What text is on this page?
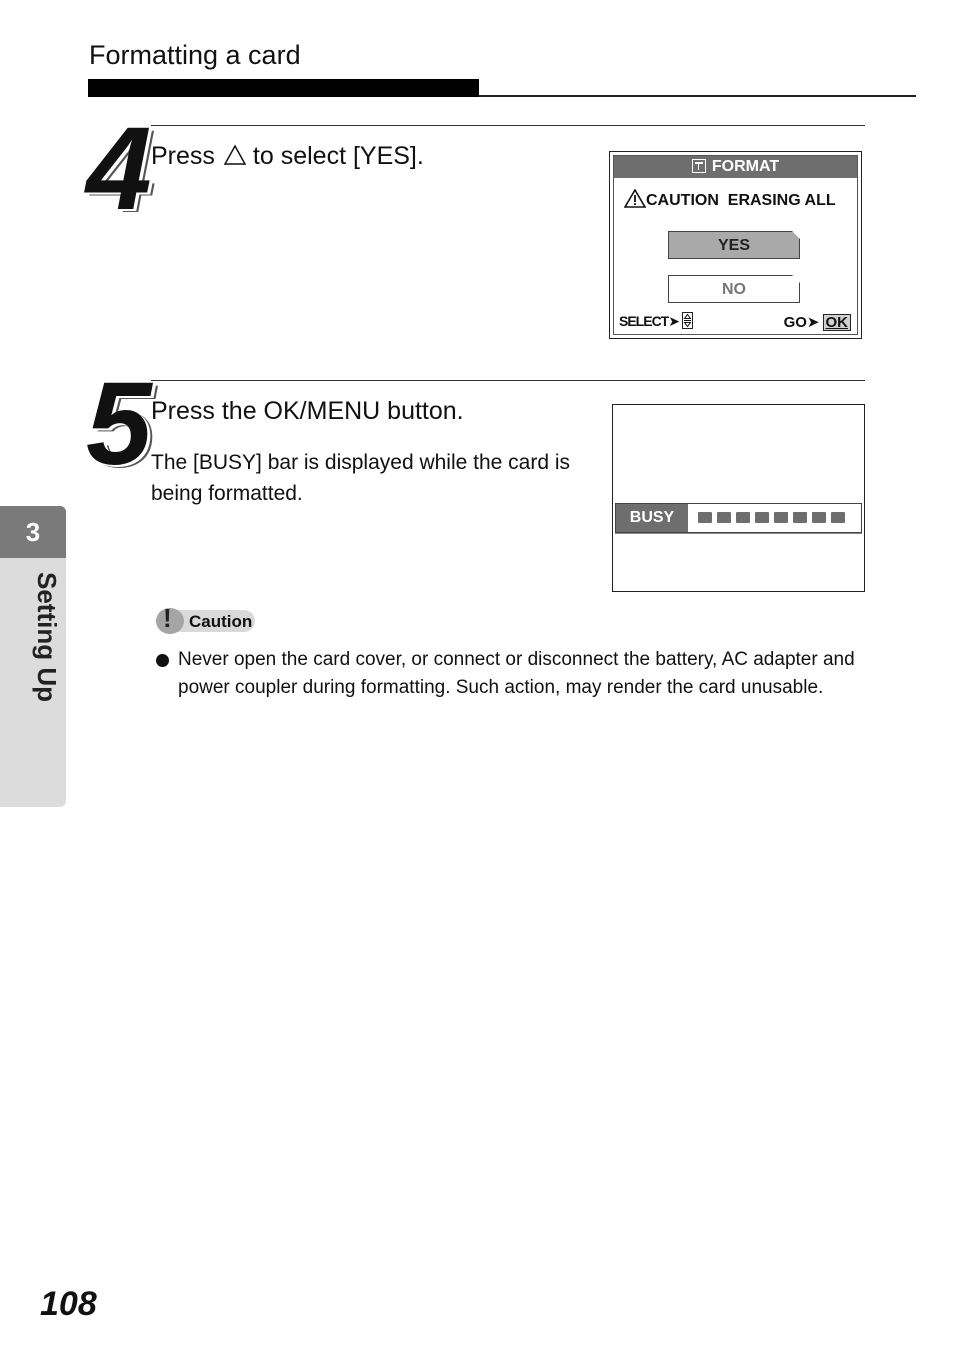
Formatting a card
4 Press to select [YES].	FORMAT
CAUTION  ERASING ALL
YES
NO
SELECT➤	GO➤ OK
5 Press the OK/MENU button.
The [BUSY] bar is displayed while the card is being formatted.
BUSY
! Caution
Never open the card cover, or connect or disconnect the battery, AC adapter and power coupler during formatting. Such action, may render the card unusable.
3
Setting Up
108
